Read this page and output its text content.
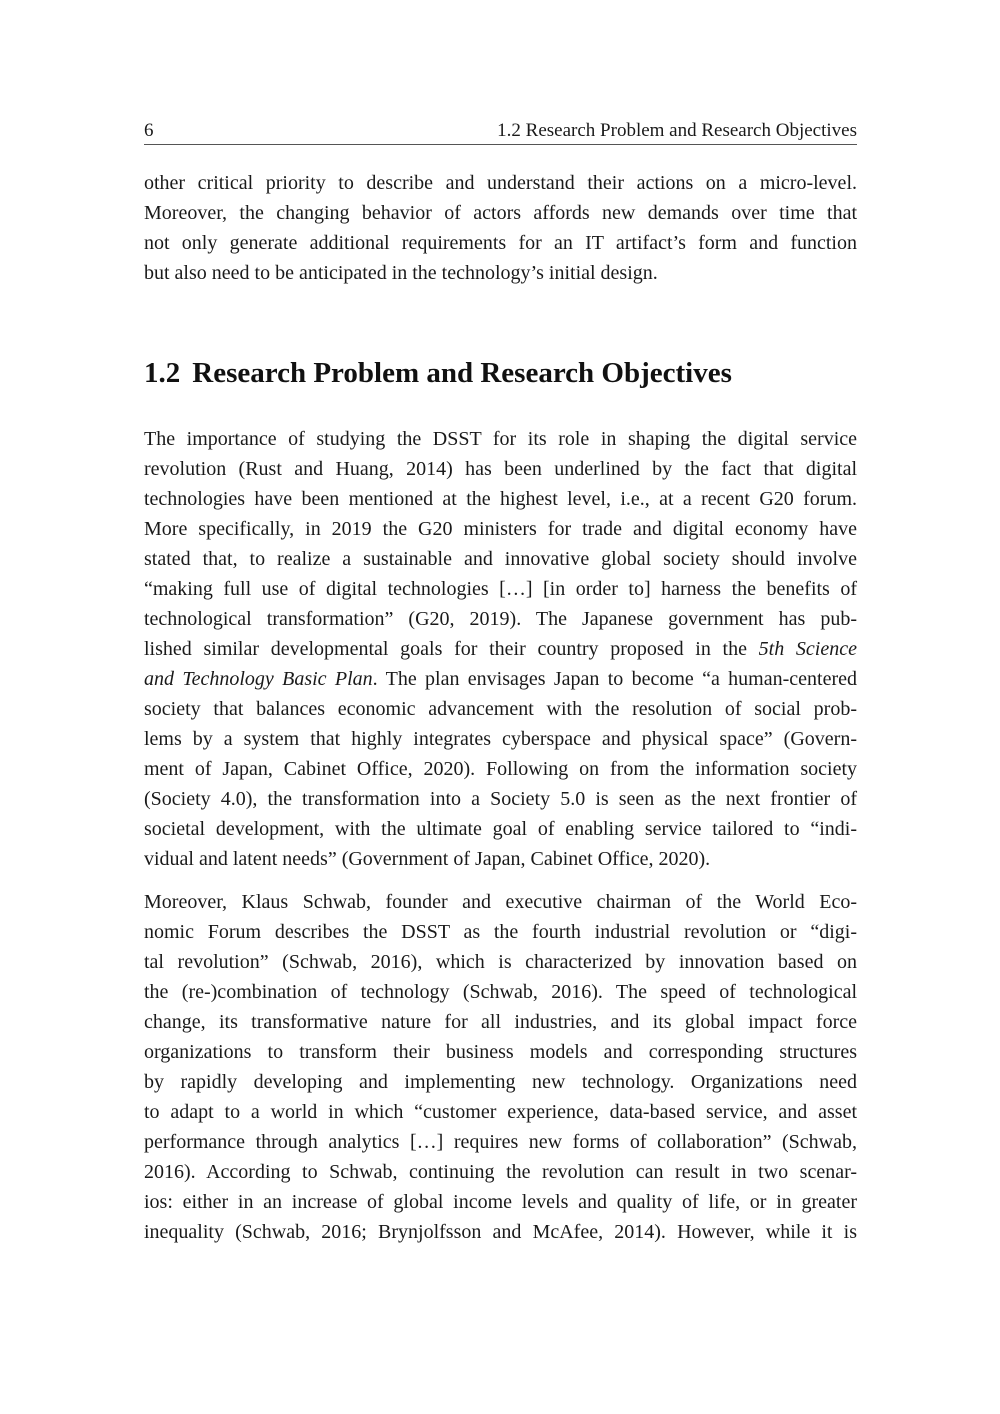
6	1.2 Research Problem and Research Objectives
other critical priority to describe and understand their actions on a micro-level.
Moreover, the changing behavior of actors affords new demands over time that
not only generate additional requirements for an IT artifact’s form and function
but also need to be anticipated in the technology’s initial design.
1.2 Research Problem and Research Objectives
The importance of studying the DSST for its role in shaping the digital service
revolution (Rust and Huang, 2014) has been underlined by the fact that digital
technologies have been mentioned at the highest level, i.e., at a recent G20 forum.
More specifically, in 2019 the G20 ministers for trade and digital economy have
stated that, to realize a sustainable and innovative global society should involve
“making full use of digital technologies […] [in order to] harness the benefits of
technological transformation” (G20, 2019). The Japanese government has pub-
lished similar developmental goals for their country proposed in the 5th Science
and Technology Basic Plan. The plan envisages Japan to become “a human-centered
society that balances economic advancement with the resolution of social prob-
lems by a system that highly integrates cyberspace and physical space” (Govern-
ment of Japan, Cabinet Office, 2020). Following on from the information society
(Society 4.0), the transformation into a Society 5.0 is seen as the next frontier of
societal development, with the ultimate goal of enabling service tailored to “indi-
vidual and latent needs” (Government of Japan, Cabinet Office, 2020).
Moreover, Klaus Schwab, founder and executive chairman of the World Eco-
nomic Forum describes the DSST as the fourth industrial revolution or “digi-
tal revolution” (Schwab, 2016), which is characterized by innovation based on
the (re-)combination of technology (Schwab, 2016). The speed of technological
change, its transformative nature for all industries, and its global impact force
organizations to transform their business models and corresponding structures
by rapidly developing and implementing new technology. Organizations need
to adapt to a world in which “customer experience, data-based service, and asset
performance through analytics […] requires new forms of collaboration” (Schwab,
2016). According to Schwab, continuing the revolution can result in two scenar-
ios: either in an increase of global income levels and quality of life, or in greater
inequality (Schwab, 2016; Brynjolfsson and McAfee, 2014). However, while it is
